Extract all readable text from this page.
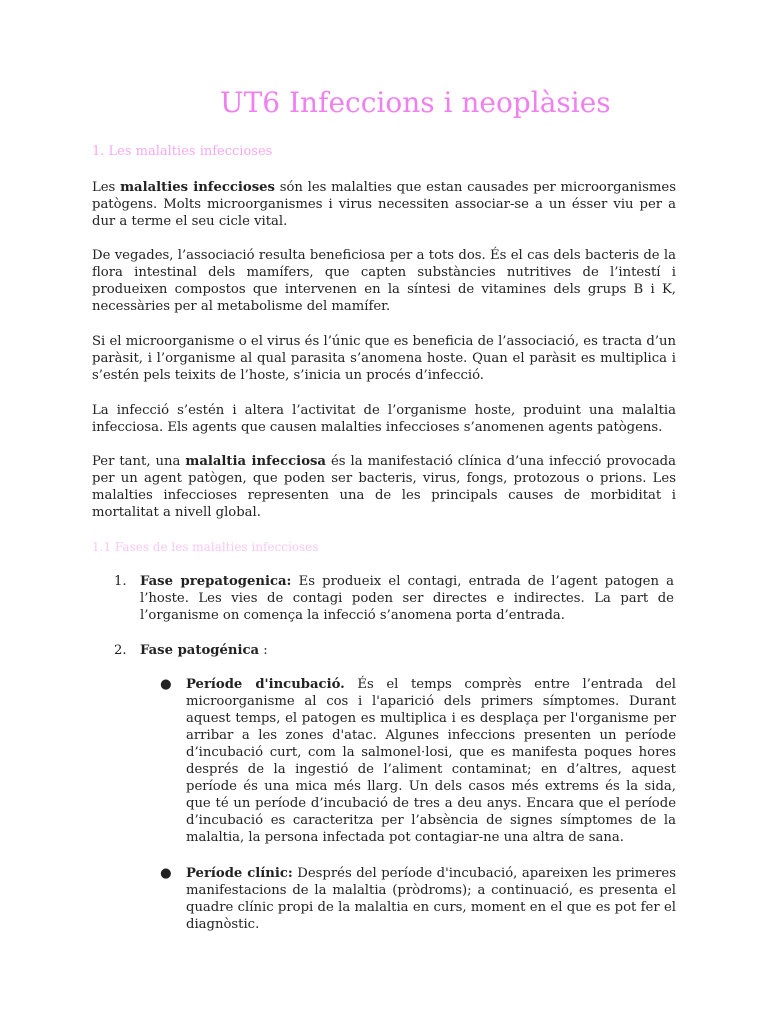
UT6 Infeccions i neoplàsies
1. Les malalties infeccioses

Les malalties infeccioses són les malalties que estan causades per microorganismes patògens. Molts microorganismes i virus necessiten associar-se a un ésser viu per a dur a terme el seu cicle vital.

De vegades, l’associació resulta beneficiosa per a tots dos. És el cas dels bacteris de la flora intestinal dels mamífers, que capten substàncies nutritives de l’intestí i produeixen compostos que intervenen en la síntesi de vitamines dels grups B i K, necessàries per al metabolisme del mamífer.

Si el microorganisme o el virus és l’únic que es beneficia de l’associació, es tracta d’un paràsit, i l’organisme al qual parasita s’anomena hoste. Quan el paràsit es multiplica i s’estén pels teixits de l’hoste, s’inicia un procés d’infecció.

La infecció s’estén i altera l’activitat de l’organisme hoste, produint una malaltia infecciosa. Els agents que causen malalties infeccioses s’anomenen agents patògens.

Per tant, una malaltia infecciosa és la manifestació clínica d’una infecció provocada per un agent patògen, que poden ser bacteris, virus, fongs, protozous o prions. Les malalties infeccioses representen una de les principals causes de morbiditat i mortalitat a nivell global.

1.1 Fases de les malalties infeccioses
1. Fase prepatogenica: Es produeix el contagi, entrada de l’agent patogen a l’hoste. Les vies de contagi poden ser directes e indirectes. La part de l’organisme on comença la infecció s’anomena porta d’entrada.
2. Fase patogénica :
● Període d'incubació. És el temps comprès entre l’entrada del microorganisme al cos i l'aparició dels primers símptomes. Durant aquest temps, el patogen es multiplica i es desplaça per l'organisme per arribar a les zones d'atac. Algunes infeccions presenten un període d’incubació curt, com la salmonel·losi, que es manifesta poques hores després de la ingestió de l’aliment contaminat; en d’altres, aquest període és una mica més llarg. Un dels casos més extrems és la sida, que té un període d’incubació de tres a deu anys. Encara que el període d’incubació es caracteritza per l’absència de signes símptomes de la malaltia, la persona infectada pot contagiar-ne una altra de sana.
● Període clínic: Després del període d'incubació, apareixen les primeres manifestacions de la malaltia (pròdroms); a continuació, es presenta el quadre clínic propi de la malaltia en curs, moment en el que es pot fer el diagnòstic.
